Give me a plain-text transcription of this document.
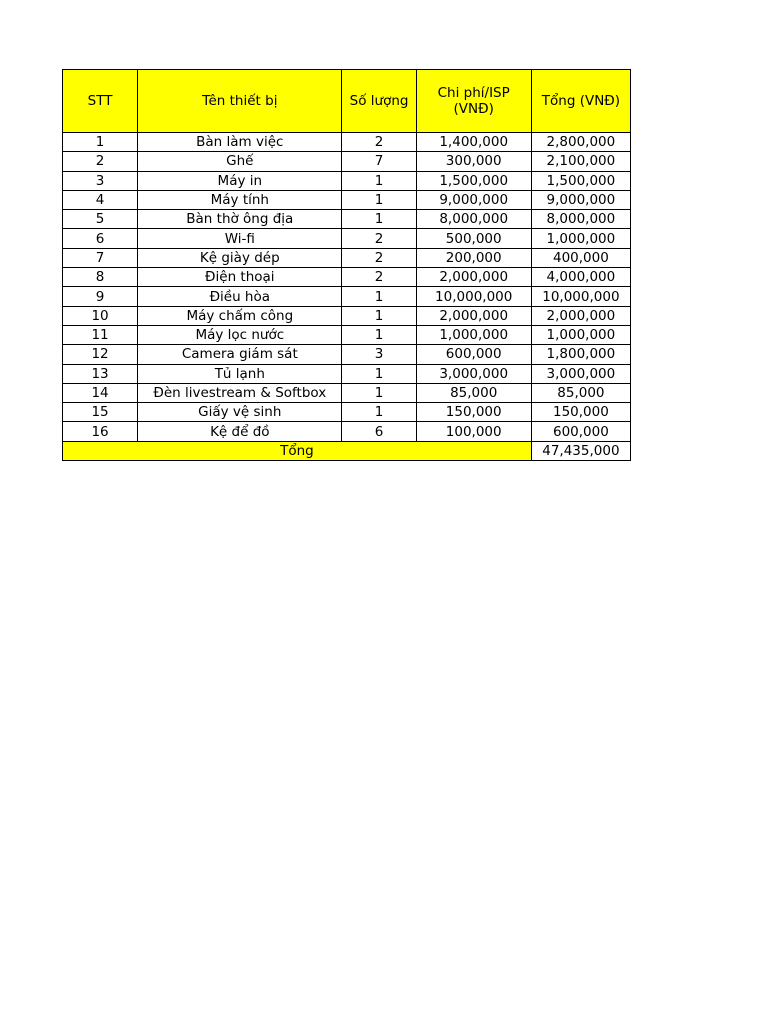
STT	Tên thiết bị	Số lượng	Chi phí/ISP (VNĐ)	Tổng (VNĐ)
1	Bàn làm việc	2	1,400,000	2,800,000
2	Ghế	7	300,000	2,100,000
3	Máy in	1	1,500,000	1,500,000
4	Máy tính	1	9,000,000	9,000,000
5	Bàn thờ ông địa	1	8,000,000	8,000,000
6	Wi-fi	2	500,000	1,000,000
7	Kệ giày dép	2	200,000	400,000
8	Điện thoại	2	2,000,000	4,000,000
9	Điều hòa	1	10,000,000	10,000,000
10	Máy chấm công	1	2,000,000	2,000,000
11	Máy lọc nước	1	1,000,000	1,000,000
12	Camera giám sát	3	600,000	1,800,000
13	Tủ lạnh	1	3,000,000	3,000,000
14	Đèn livestream & Softbox	1	85,000	85,000
15	Giấy vệ sinh	1	150,000	150,000
16	Kệ để đồ	6	100,000	600,000
Tổng				47,435,000
